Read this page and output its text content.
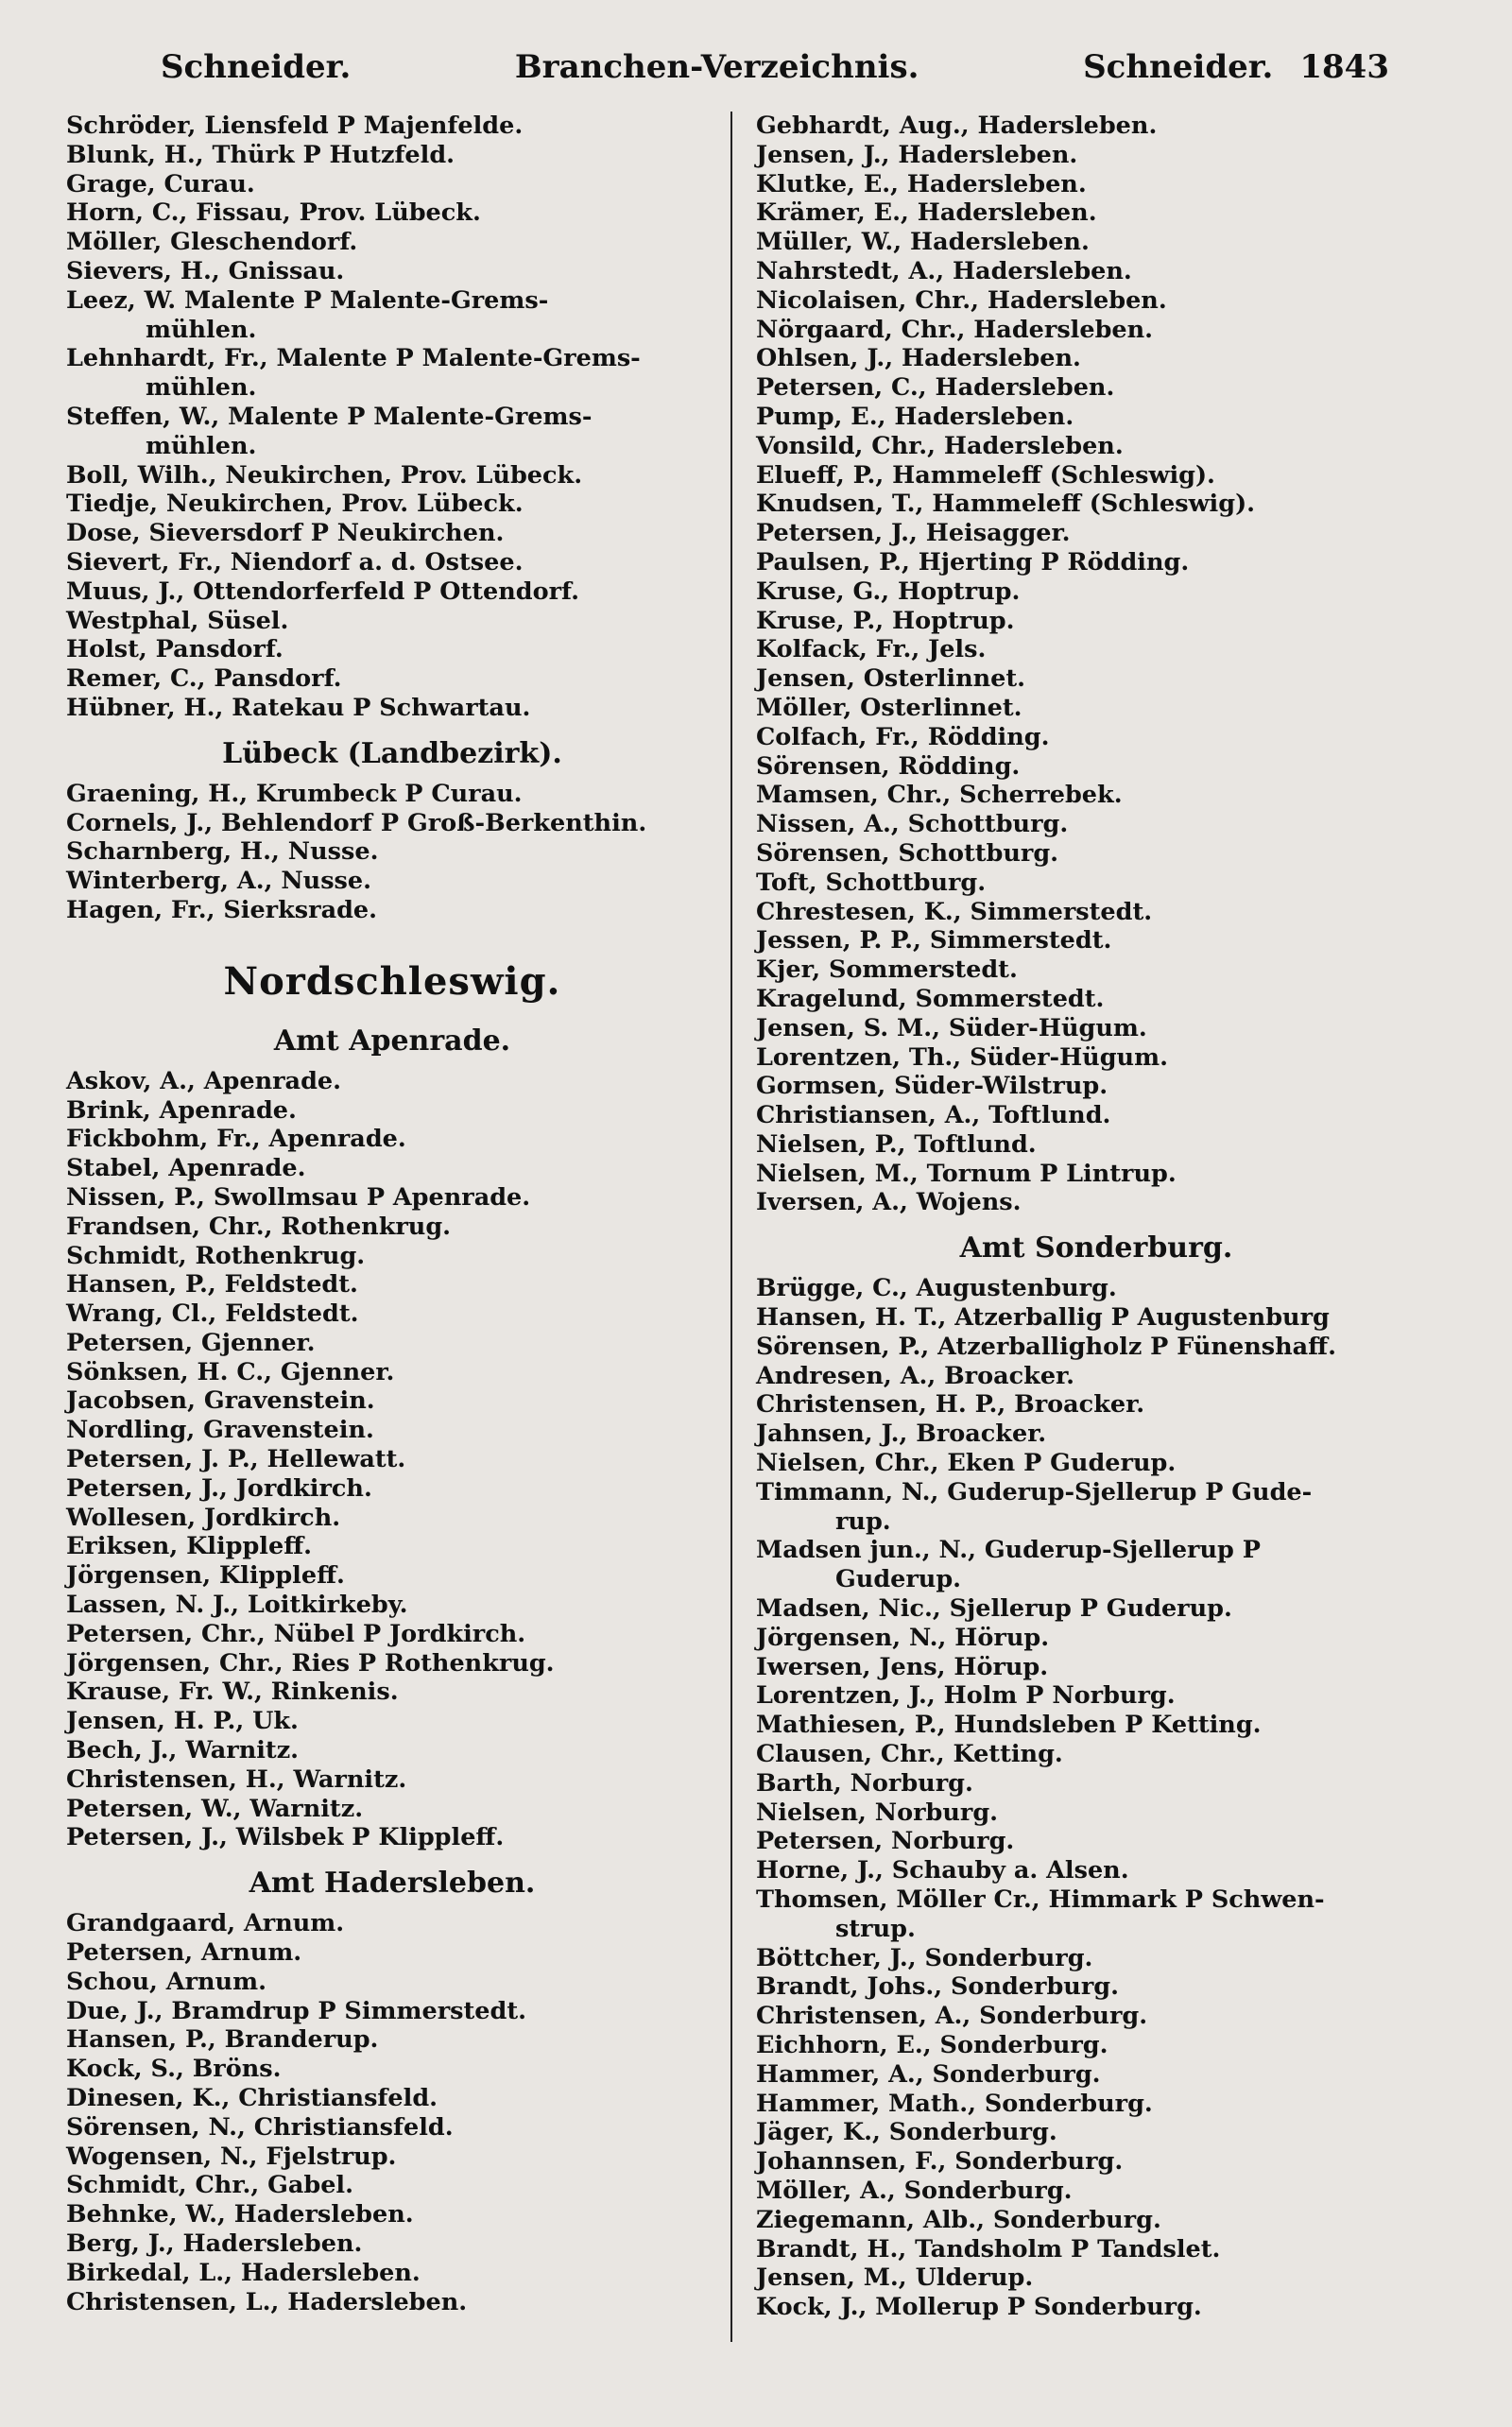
Schneider.	Branchen-Verzeichnis.	Schneider. 1843
Schröder, Liensfeld P Majenfelde.
Blunk, H., Thürk P Hutzfeld.
Grage, Curau.
Horn, C., Fissau, Prov. Lübeck.
Möller, Gleschendorf.
Sievers, H., Gnissau.
Leez, W. Malente P Malente-Grems-
mühlen.
Lehnhardt, Fr., Malente P Malente-Grems-
mühlen.
Steffen, W., Malente P Malente-Grems-
mühlen.
Boll, Wilh., Neukirchen, Prov. Lübeck.
Tiedje, Neukirchen, Prov. Lübeck.
Dose, Sieversdorf P Neukirchen.
Sievert, Fr., Niendorf a. d. Ostsee.
Muus, J., Ottendorferfeld P Ottendorf.
Westphal, Süsel.
Holst, Pansdorf.
Remer, C., Pansdorf.
Hübner, H., Ratekau P Schwartau.
Lübeck (Landbezirk).
Graening, H., Krumbeck P Curau.
Cornels, J., Behlendorf P Groß-Berkenthin.
Scharnberg, H., Nusse.
Winterberg, A., Nusse.
Hagen, Fr., Sierksrade.
Nordschleswig.
Amt Apenrade.
Askov, A., Apenrade.
Brink, Apenrade.
Fickbohm, Fr., Apenrade.
Stabel, Apenrade.
Nissen, P., Swollmsau P Apenrade.
Frandsen, Chr., Rothenkrug.
Schmidt, Rothenkrug.
Hansen, P., Feldstedt.
Wrang, Cl., Feldstedt.
Petersen, Gjenner.
Sönksen, H. C., Gjenner.
Jacobsen, Gravenstein.
Nordling, Gravenstein.
Petersen, J. P., Hellewatt.
Petersen, J., Jordkirch.
Wollesen, Jordkirch.
Eriksen, Klippleff.
Jörgensen, Klippleff.
Lassen, N. J., Loitkirkeby.
Petersen, Chr., Nübel P Jordkirch.
Jörgensen, Chr., Ries P Rothenkrug.
Krause, Fr. W., Rinkenis.
Jensen, H. P., Uk.
Bech, J., Warnitz.
Christensen, H., Warnitz.
Petersen, W., Warnitz.
Petersen, J., Wilsbek P Klippleff.
Amt Hadersleben.
Grandgaard, Arnum.
Petersen, Arnum.
Schou, Arnum.
Due, J., Bramdrup P Simmerstedt.
Hansen, P., Branderup.
Kock, S., Bröns.
Dinesen, K., Christiansfeld.
Sörensen, N., Christiansfeld.
Wogensen, N., Fjelstrup.
Schmidt, Chr., Gabel.
Behnke, W., Hadersleben.
Berg, J., Hadersleben.
Birkedal, L., Hadersleben.
Christensen, L., Hadersleben.
Gebhardt, Aug., Hadersleben.
Jensen, J., Hadersleben.
Klutke, E., Hadersleben.
Krämer, E., Hadersleben.
Müller, W., Hadersleben.
Nahrstedt, A., Hadersleben.
Nicolaisen, Chr., Hadersleben.
Nörgaard, Chr., Hadersleben.
Ohlsen, J., Hadersleben.
Petersen, C., Hadersleben.
Pump, E., Hadersleben.
Vonsild, Chr., Hadersleben.
Elueff, P., Hammeleff (Schleswig).
Knudsen, T., Hammeleff (Schleswig).
Petersen, J., Heisagger.
Paulsen, P., Hjerting P Rödding.
Kruse, G., Hoptrup.
Kruse, P., Hoptrup.
Kolfack, Fr., Jels.
Jensen, Osterlinnet.
Möller, Osterlinnet.
Colfach, Fr., Rödding.
Sörensen, Rödding.
Mamsen, Chr., Scherrebek.
Nissen, A., Schottburg.
Sörensen, Schottburg.
Toft, Schottburg.
Chrestesen, K., Simmerstedt.
Jessen, P. P., Simmerstedt.
Kjer, Sommerstedt.
Kragelund, Sommerstedt.
Jensen, S. M., Süder-Hügum.
Lorentzen, Th., Süder-Hügum.
Gormsen, Süder-Wilstrup.
Christiansen, A., Toftlund.
Nielsen, P., Toftlund.
Nielsen, M., Tornum P Lintrup.
Iversen, A., Wojens.
Amt Sonderburg.
Brügge, C., Augustenburg.
Hansen, H. T., Atzerballig P Augustenburg
Sörensen, P., Atzerballigholz P Fünenshaff.
Andresen, A., Broacker.
Christensen, H. P., Broacker.
Jahnsen, J., Broacker.
Nielsen, Chr., Eken P Guderup.
Timmann, N., Guderup-Sjellerup P Gude-
rup.
Madsen jun., N., Guderup-Sjellerup P
Guderup.
Madsen, Nic., Sjellerup P Guderup.
Jörgensen, N., Hörup.
Iwersen, Jens, Hörup.
Lorentzen, J., Holm P Norburg.
Mathiesen, P., Hundsleben P Ketting.
Clausen, Chr., Ketting.
Barth, Norburg.
Nielsen, Norburg.
Petersen, Norburg.
Horne, J., Schauby a. Alsen.
Thomsen, Möller Cr., Himmark P Schwen-
strup.
Böttcher, J., Sonderburg.
Brandt, Johs., Sonderburg.
Christensen, A., Sonderburg.
Eichhorn, E., Sonderburg.
Hammer, A., Sonderburg.
Hammer, Math., Sonderburg.
Jäger, K., Sonderburg.
Johannsen, F., Sonderburg.
Möller, A., Sonderburg.
Ziegemann, Alb., Sonderburg.
Brandt, H., Tandsholm P Tandslet.
Jensen, M., Ulderup.
Kock, J., Mollerup P Sonderburg.
